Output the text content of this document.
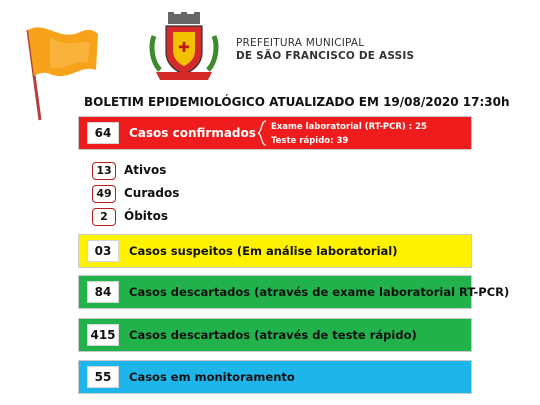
✚	PREFEITURA MUNICIPAL
DE SÃO FRANCISCO DE ASSIS
BOLETIM EPIDEMIOLÓGICO ATUALIZADO EM 19/08/2020 17:30h
64	Casos confirmados Exame laboratorial (RT-PCR) : 25
Teste rápido: 39
13	Ativos
49	Curados
2	Óbitos
03	Casos suspeitos (Em análise laboratorial)
84	Casos descartados (através de exame laboratorial RT-PCR)
415	Casos descartados (através de teste rápido)
55	Casos em monitoramento
